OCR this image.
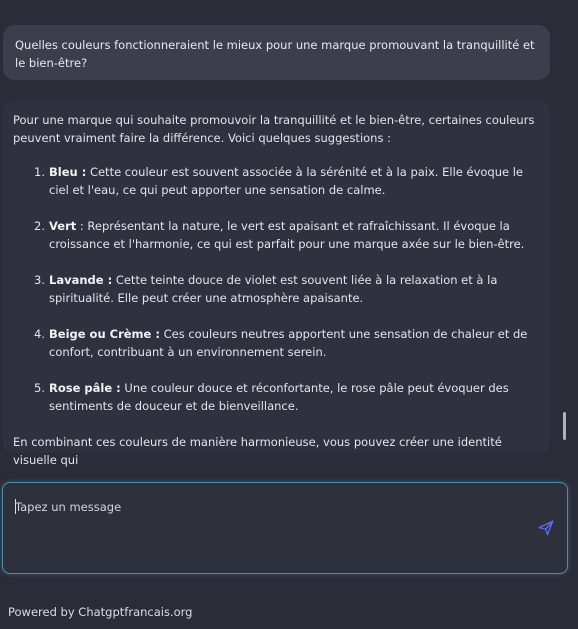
Quelles couleurs fonctionneraient le mieux pour une marque promouvant la tranquillité et le bien-être?

Pour une marque qui souhaite promouvoir la tranquillité et le bien-être, certaines couleurs peuvent vraiment faire la différence. Voici quelques suggestions :

1. Bleu : Cette couleur est souvent associée à la sérénité et à la paix. Elle évoque le ciel et l'eau, ce qui peut apporter une sensation de calme.
2. Vert : Représentant la nature, le vert est apaisant et rafraîchissant. Il évoque la croissance et l'harmonie, ce qui est parfait pour une marque axée sur le bien-être.
3. Lavande : Cette teinte douce de violet est souvent liée à la relaxation et à la spiritualité. Elle peut créer une atmosphère apaisante.
4. Beige ou Crème : Ces couleurs neutres apportent une sensation de chaleur et de confort, contribuant à un environnement serein.
5. Rose pâle : Une couleur douce et réconfortante, le rose pâle peut évoquer des sentiments de douceur et de bienveillance.

En combinant ces couleurs de manière harmonieuse, vous pouvez créer une identité visuelle qui

Tapez un message
Powered by Chatgptfrancais.org
